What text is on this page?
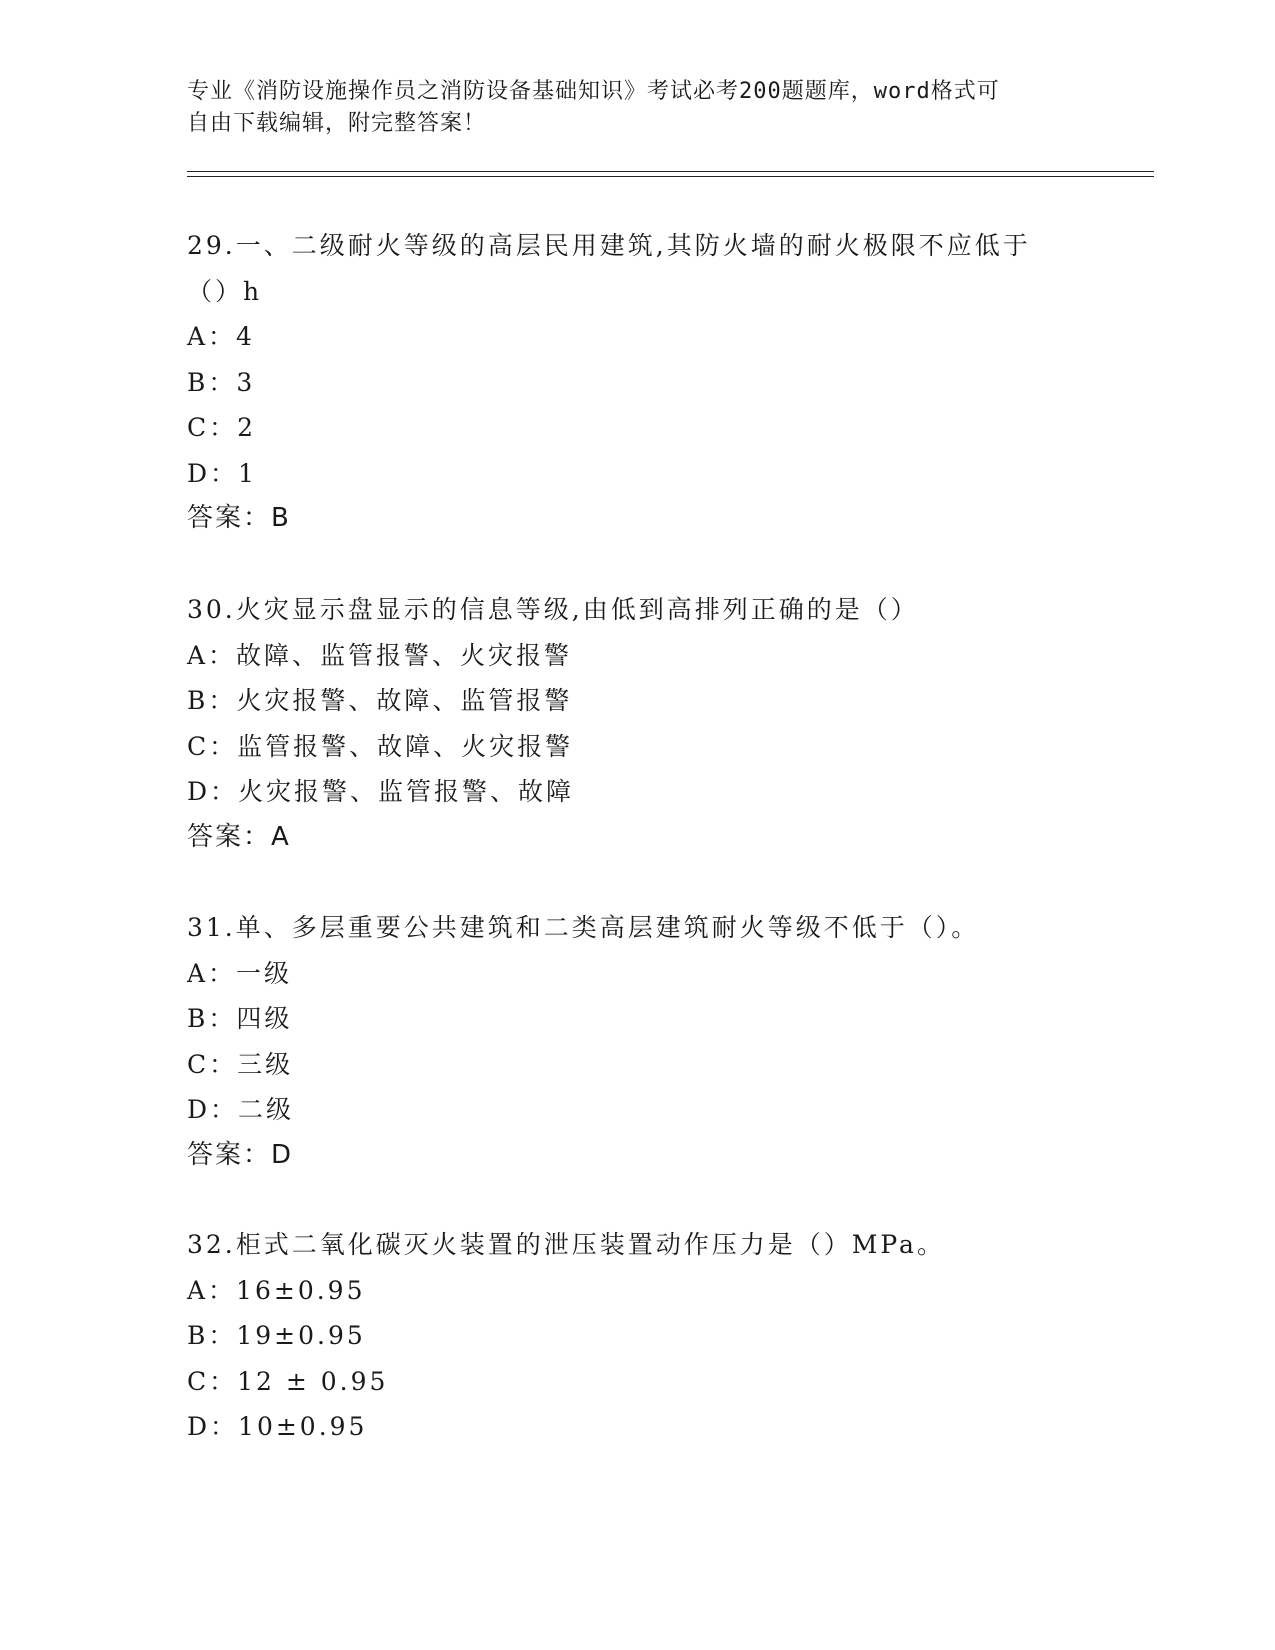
专业《消防设施操作员之消防设备基础知识》考试必考200题题库，word格式可
自由下载编辑，附完整答案！
29.一、二级耐火等级的高层民用建筑,其防火墙的耐火极限不应低于
（）h
A：4
B：3
C：2
D：1
答案：B
30.火灾显示盘显示的信息等级,由低到高排列正确的是（）
A：故障、监管报警、火灾报警
B：火灾报警、故障、监管报警
C：监管报警、故障、火灾报警
D：火灾报警、监管报警、故障
答案：A
31.单、多层重要公共建筑和二类高层建筑耐火等级不低于（）。
A：一级
B：四级
C：三级
D：二级
答案：D
32.柜式二氧化碳灭火装置的泄压装置动作压力是（）MPa。
A：16±0.95
B：19±0.95
C：12 ± 0.95
D：10±0.95
